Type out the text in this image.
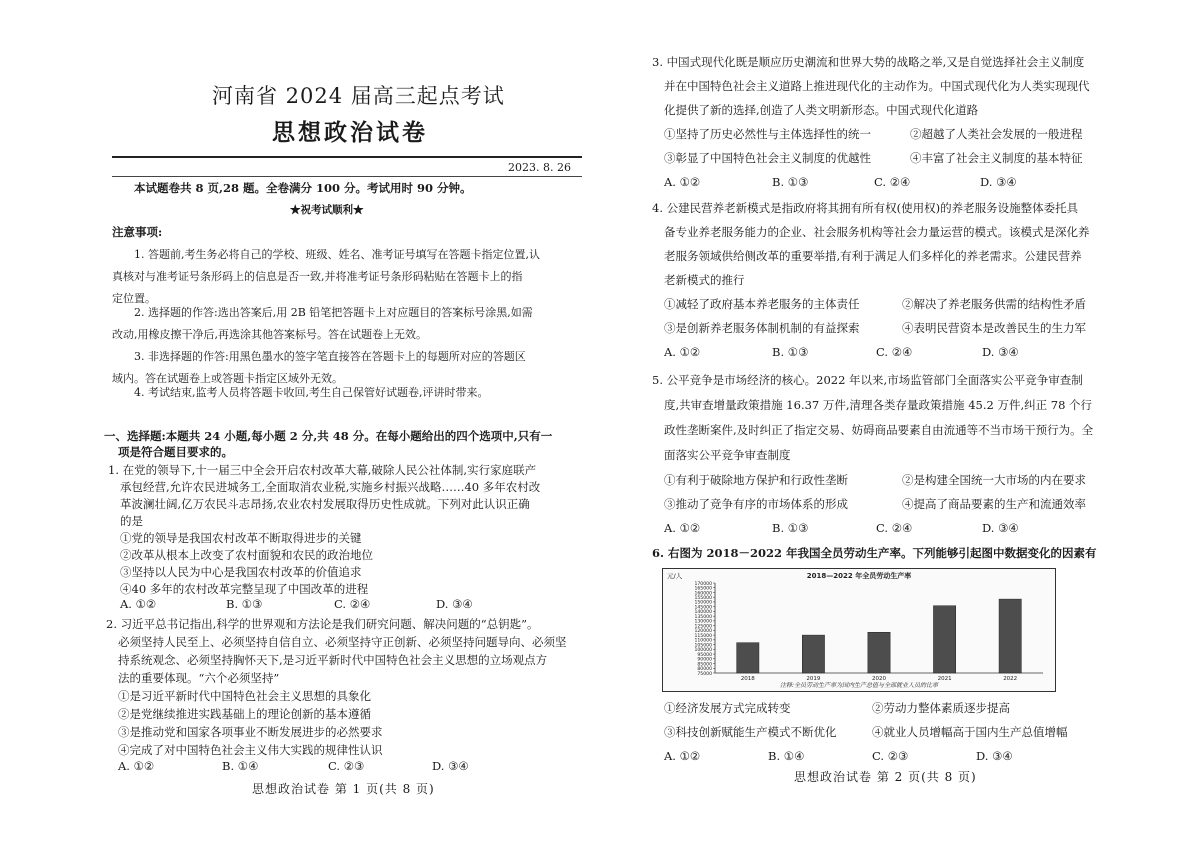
河南省 2024 届高三起点考试
思想政治试卷
2023. 8. 26
本试题卷共 8 页,28 题。全卷满分 100 分。考试用时 90 分钟。
★祝考试顺利★
注意事项:
1. 答题前,考生务必将自己的学校、班级、姓名、准考证号填写在答题卡指定位置,认
真核对与准考证号条形码上的信息是否一致,并将准考证号条形码粘贴在答题卡上的指
定位置。
2. 选择题的作答:选出答案后,用 2B 铅笔把答题卡上对应题目的答案标号涂黑,如需
改动,用橡皮擦干净后,再选涂其他答案标号。答在试题卷上无效。
3. 非选择题的作答:用黑色墨水的签字笔直接答在答题卡上的每题所对应的答题区
域内。答在试题卷上或答题卡指定区域外无效。
4. 考试结束,监考人员将答题卡收回,考生自己保管好试题卷,评讲时带来。
一、选择题:本题共 24 小题,每小题 2 分,共 48 分。在每小题给出的四个选项中,只有一
项是符合题目要求的。
1. 在党的领导下,十一届三中全会开启农村改革大幕,破除人民公社体制,实行家庭联产
承包经营,允许农民进城务工,全面取消农业税,实施乡村振兴战略……40 多年农村改
革波澜壮阔,亿万农民斗志昂扬,农业农村发展取得历史性成就。下列对此认识正确
的是
①党的领导是我国农村改革不断取得进步的关键
②改革从根本上改变了农村面貌和农民的政治地位
③坚持以人民为中心是我国农村改革的价值追求
④40 多年的农村改革完整呈现了中国改革的进程
A. ①②	B. ①③	C. ②④	D. ③④
2. 习近平总书记指出,科学的世界观和方法论是我们研究问题、解决问题的“总钥匙”。
必须坚持人民至上、必须坚持自信自立、必须坚持守正创新、必须坚持问题导向、必须坚
持系统观念、必须坚持胸怀天下,是习近平新时代中国特色社会主义思想的立场观点方
法的重要体现。“六个必须坚持”
①是习近平新时代中国特色社会主义思想的具象化
②是党继续推进实践基础上的理论创新的基本遵循
③是推动党和国家各项事业不断发展进步的必然要求
④完成了对中国特色社会主义伟大实践的规律性认识
A. ①②	B. ①④	C. ②③	D. ③④
思想政治试卷 第 1 页(共 8 页)
3. 中国式现代化既是顺应历史潮流和世界大势的战略之举,又是自觉选择社会主义制度
并在中国特色社会主义道路上推进现代化的主动作为。中国式现代化为人类实现现代
化提供了新的选择,创造了人类文明新形态。中国式现代化道路
①坚持了历史必然性与主体选择性的统一	②超越了人类社会发展的一般进程
③彰显了中国特色社会主义制度的优越性	④丰富了社会主义制度的基本特征
A. ①②	B. ①③	C. ②④	D. ③④
4. 公建民营养老新模式是指政府将其拥有所有权(使用权)的养老服务设施整体委托具
备专业养老服务能力的企业、社会服务机构等社会力量运营的模式。该模式是深化养
老服务领域供给侧改革的重要举措,有利于满足人们多样化的养老需求。公建民营养
老新模式的推行
①减轻了政府基本养老服务的主体责任	②解决了养老服务供需的结构性矛盾
③是创新养老服务体制机制的有益探索	④表明民营资本是改善民生的生力军
A. ①②	B. ①③	C. ②④	D. ③④
5. 公平竞争是市场经济的核心。2022 年以来,市场监管部门全面落实公平竞争审查制
度,共审查增量政策措施 16.37 万件,清理各类存量政策措施 45.2 万件,纠正 78 个行
政性垄断案件,及时纠正了指定交易、妨碍商品要素自由流通等不当市场干预行为。全
面落实公平竞争审查制度
①有利于破除地方保护和行政性垄断	②是构建全国统一大市场的内在要求
③推动了竞争有序的市场体系的形成	④提高了商品要素的生产和流通效率
A. ①②	B. ①③	C. ②④	D. ③④
6. 右图为 2018－2022 年我国全员劳动生产率。下列能够引起图中数据变化的因素有
元/人	2018—2022 年全员劳动生产率
注释:全员劳动生产率为国内生产总值与全部就业人员的比率
75000
80000
85000
90000
95000
100000
105000
110000
115000
120000
125000
130000
135000
140000
145000
150000
155000
160000
165000
170000
2018	2019	2020	2021	2022
①经济发展方式完成转变	②劳动力整体素质逐步提高
③科技创新赋能生产模式不断优化	④就业人员增幅高于国内生产总值增幅
A. ①②	B. ①④	C. ②③	D. ③④
思想政治试卷 第 2 页(共 8 页)
